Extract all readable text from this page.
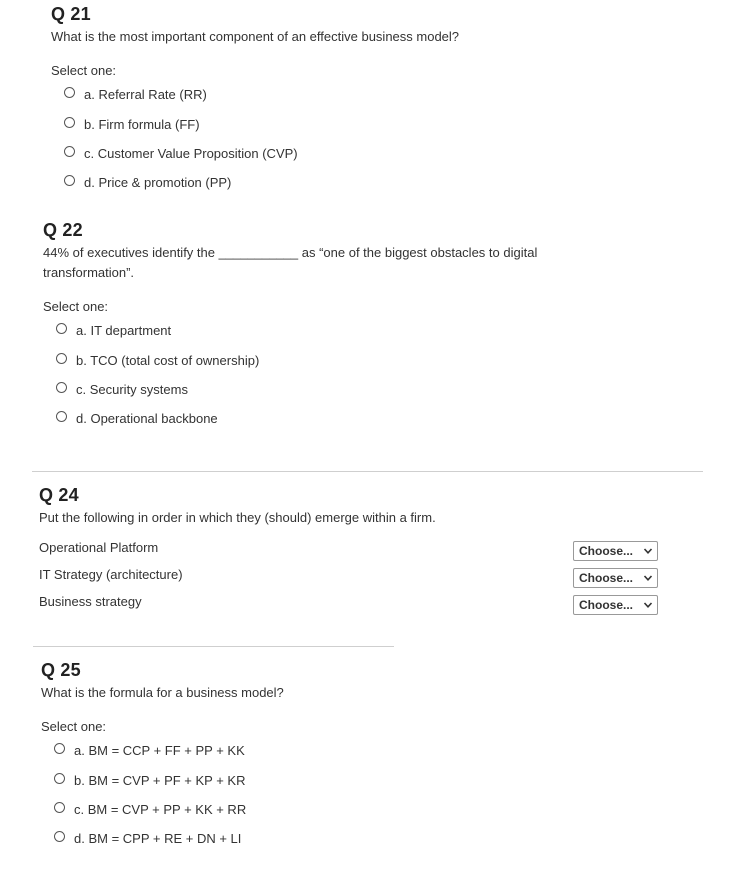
Q 21
What is the most important component of an effective business model?
Select one:
a. Referral Rate (RR)
b. Firm formula (FF)
c. Customer Value Proposition (CVP)
d. Price & promotion (PP)
Q 22
44% of executives identify the ___________ as “one of the biggest obstacles to digital
transformation”.
Select one:
a. IT department
b. TCO (total cost of ownership)
c. Security systems
d. Operational backbone
Q 24
Put the following in order in which they (should) emerge within a firm.
Operational Platform	Choose...
IT Strategy (architecture)	Choose...
Business strategy	Choose...
Q 25
What is the formula for a business model?
Select one:
a. BM = CCP + FF + PP + KK
b. BM = CVP + PF + KP + KR
c. BM = CVP + PP + KK + RR
d. BM = CPP + RE + DN + LI
